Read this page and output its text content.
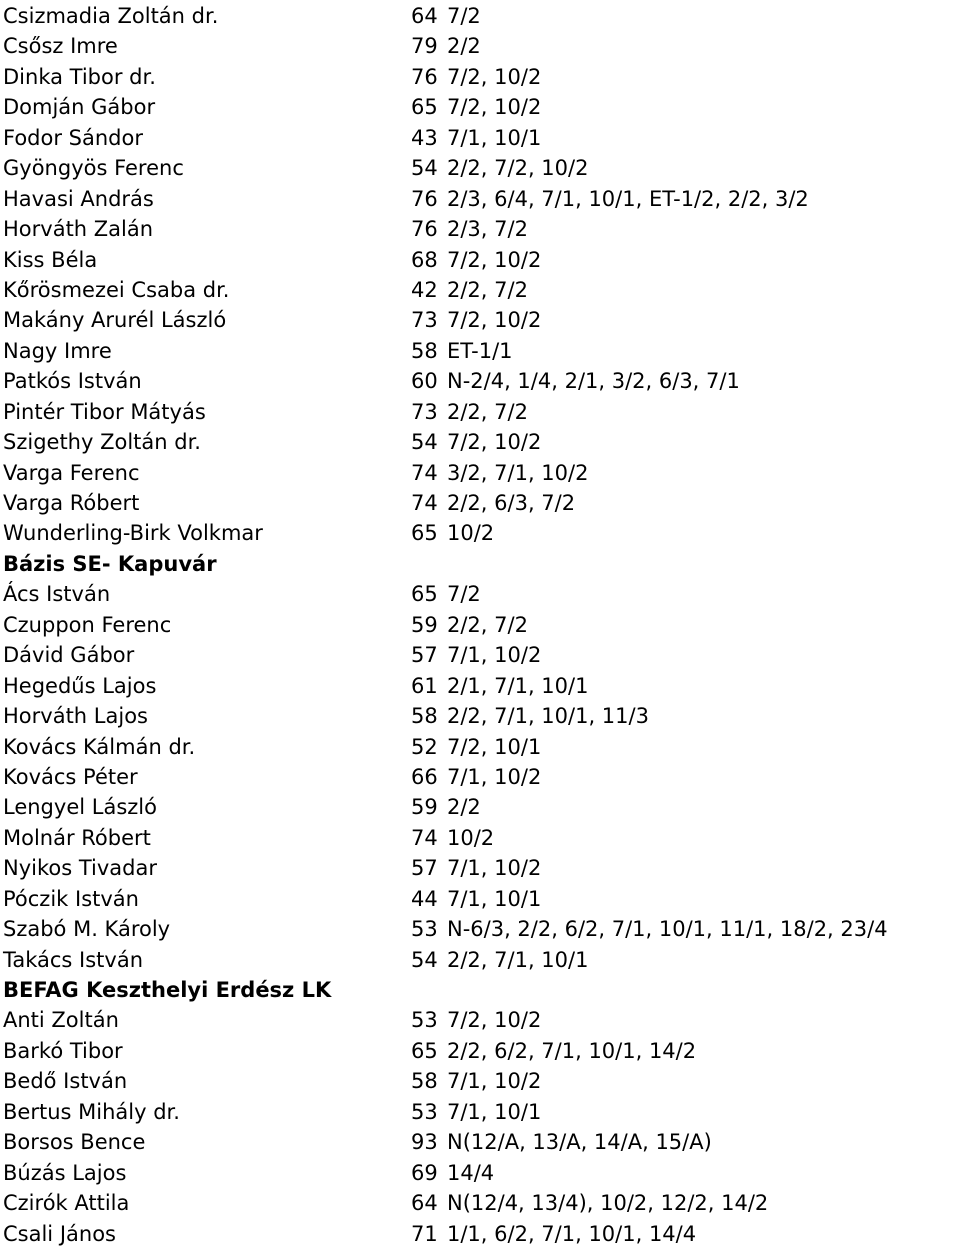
Csizmadia Zoltán dr.	64 7/2
Csősz Imre	79 2/2
Dinka Tibor dr.	76 7/2, 10/2
Domján Gábor	65 7/2, 10/2
Fodor Sándor	43 7/1, 10/1
Gyöngyös Ferenc	54 2/2, 7/2, 10/2
Havasi András	76 2/3, 6/4, 7/1, 10/1, ET-1/2, 2/2, 3/2
Horváth Zalán	76 2/3, 7/2
Kiss Béla	68 7/2, 10/2
Kőrösmezei Csaba dr.	42 2/2, 7/2
Makány Arurél László	73 7/2, 10/2
Nagy Imre	58 ET-1/1
Patkós István	60 N-2/4, 1/4, 2/1, 3/2, 6/3, 7/1
Pintér Tibor Mátyás	73 2/2, 7/2
Szigethy Zoltán dr.	54 7/2, 10/2
Varga Ferenc	74 3/2, 7/1, 10/2
Varga Róbert	74 2/2, 6/3, 7/2
Wunderling-Birk Volkmar	65 10/2
Bázis SE- Kapuvár
Ács István	65 7/2
Czuppon Ferenc	59 2/2, 7/2
Dávid Gábor	57 7/1, 10/2
Hegedűs Lajos	61 2/1, 7/1, 10/1
Horváth Lajos	58 2/2, 7/1, 10/1, 11/3
Kovács Kálmán dr.	52 7/2, 10/1
Kovács Péter	66 7/1, 10/2
Lengyel László	59 2/2
Molnár Róbert	74 10/2
Nyikos Tivadar	57 7/1, 10/2
Póczik István	44 7/1, 10/1
Szabó M. Károly	53 N-6/3, 2/2, 6/2, 7/1, 10/1, 11/1, 18/2, 23/4
Takács István	54 2/2, 7/1, 10/1
BEFAG Keszthelyi Erdész LK
Anti Zoltán	53 7/2, 10/2
Barkó Tibor	65 2/2, 6/2, 7/1, 10/1, 14/2
Bedő István	58 7/1, 10/2
Bertus Mihály dr.	53 7/1, 10/1
Borsos Bence	93 N(12/A, 13/A, 14/A, 15/A)
Búzás Lajos	69 14/4
Czirók Attila	64 N(12/4, 13/4), 10/2, 12/2, 14/2
Csali János	71 1/1, 6/2, 7/1, 10/1, 14/4
